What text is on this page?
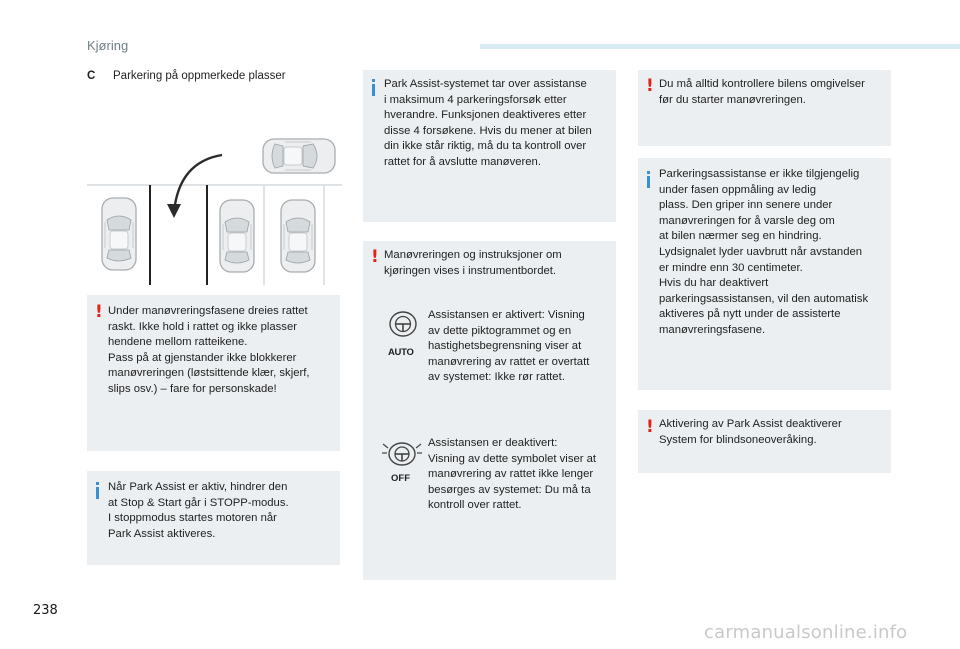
Kjøring
C Parkering på oppmerkede plasser
! Under manøvreringsfasene dreies rattet
raskt. Ikke hold i rattet og ikke plasser
hendene mellom ratteikene.
Pass på at gjenstander ikke blokkerer
manøvreringen (løstsittende klær, skjerf,
slips osv.) – fare for personskade!

Når Park Assist er aktiv, hindrer den
at Stop & Start går i STOPP-modus.
I stoppmodus startes motoren når
Park Assist aktiveres.

Park Assist-systemet tar over assistanse
i maksimum 4 parkeringsforsøk etter
hverandre. Funksjonen deaktiveres etter
disse 4 forsøkene. Hvis du mener at bilen
din ikke står riktig, må du ta kontroll over
rattet for å avslutte manøveren.

! Manøvreringen og instruksjoner om
kjøringen vises i instrumentbordet.

AUTO

Assistansen er aktivert: Visning
av dette piktogrammet og en
hastighetsbegrensning viser at
manøvrering av rattet er overtatt
av systemet: Ikke rør rattet.

OFF

Assistansen er deaktivert:
Visning av dette symbolet viser at
manøvrering av rattet ikke lenger
besørges av systemet: Du må ta
kontroll over rattet.

! Du må alltid kontrollere bilens omgivelser
før du starter manøvreringen.

Parkeringsassistanse er ikke tilgjengelig
under fasen oppmåling av ledig
plass. Den griper inn senere under
manøvreringen for å varsle deg om
at bilen nærmer seg en hindring.
Lydsignalet lyder uavbrutt når avstanden
er mindre enn 30 centimeter.
Hvis du har deaktivert
parkeringsassistansen, vil den automatisk
aktiveres på nytt under de assisterte
manøvreringsfasene.

! Aktivering av Park Assist deaktiverer
System for blindsoneoveråking.

238
carmanualsonline.info
